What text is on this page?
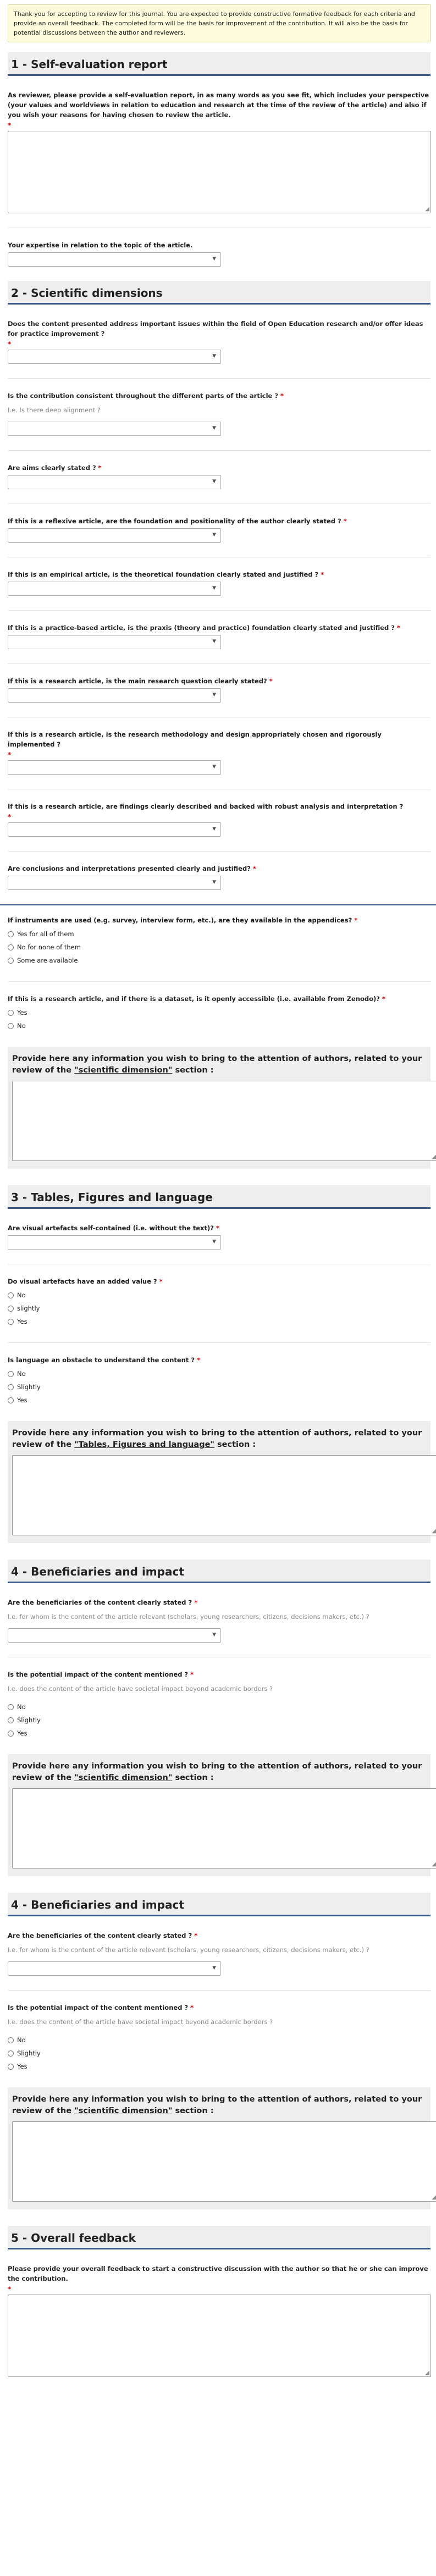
Thank you for accepting to review for this journal. You are expected to provide constructive formative feedback for each criteria and provide an overall feedback. The completed form will be the basis for improvement of the contribution. It will also be the basis for potential discussions between the author and reviewers.
1 - Self-evaluation report
As reviewer, please provide a self-evaluation report, in as many words as you see fit, which includes your perspective (your values and worldviews in relation to education and research at the time of the review of the article) and also if you wish your reasons for having chosen to review the article.
*
◢
Your expertise in relation to the topic of the article.
▼
2 - Scientific dimensions
Does the content presented address important issues within the field of Open Education research and/or offer ideas for practice improvement ?
*
▼
Is the contribution consistent throughout the different parts of the article ? *
I.e. Is there deep alignment ?
▼
Are aims clearly stated ? *
▼
If this is a reflexive article, are the foundation and positionality of the author clearly stated ? *
▼
If this is an empirical article, is the theoretical foundation clearly stated and justified ? *
▼
If this is a practice-based article, is the praxis (theory and practice) foundation clearly stated and justified ? *
▼
If this is a research article, is the main research question clearly stated? *
▼
If this is a research article, is the research methodology and design appropriately chosen and rigorously implemented ?
*
▼
If this is a research article, are findings clearly described and backed with robust analysis and interpretation ?
*
▼
Are conclusions and interpretations presented clearly and justified? *
▼
If instruments are used (e.g. survey, interview form, etc.), are they available in the appendices? *
Yes for all of them
No for none of them
Some are available
If this is a research article, and if there is a dataset, is it openly accessible (i.e. available from Zenodo)? *
Yes
No
Provide here any information you wish to bring to the attention of authors, related to your review of the "scientific dimension" section :
◢
3 - Tables, Figures and language
Are visual artefacts self-contained (i.e. without the text)? *
▼
Do visual artefacts have an added value ? *
No
slightly
Yes
Is language an obstacle to understand the content ? *
No
Slightly
Yes
Provide here any information you wish to bring to the attention of authors, related to your review of the "Tables, Figures and language" section :
◢
4 - Beneficiaries and impact
Are the beneficiaries of the content clearly stated ? *
I.e. for whom is the content of the article relevant (scholars, young researchers, citizens, decisions makers, etc.) ?
▼
Is the potential impact of the content mentioned ? *
I.e. does the content of the article have societal impact beyond academic borders ?
No
Slightly
Yes
Provide here any information you wish to bring to the attention of authors, related to your review of the "scientific dimension" section :
◢
4 - Beneficiaries and impact
Are the beneficiaries of the content clearly stated ? *
I.e. for whom is the content of the article relevant (scholars, young researchers, citizens, decisions makers, etc.) ?
▼
Is the potential impact of the content mentioned ? *
I.e. does the content of the article have societal impact beyond academic borders ?
No
Slightly
Yes
Provide here any information you wish to bring to the attention of authors, related to your review of the "scientific dimension" section :
◢
5 - Overall feedback
Please provide your overall feedback to start a constructive discussion with the author so that he or she can improve the contribution.
*
◢
